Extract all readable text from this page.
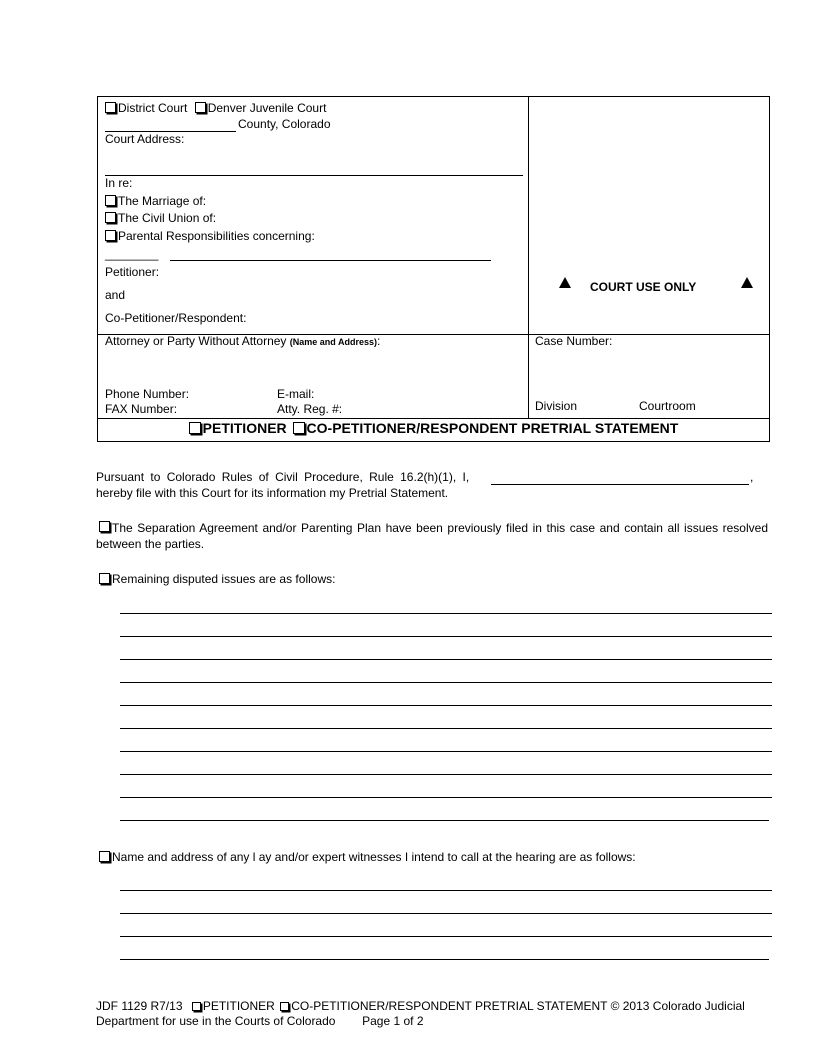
District Court Denver Juvenile Court
County, Colorado
Court Address:
In re:
The Marriage of:
The Civil Union of:
Parental Responsibilities concerning:
________
Petitioner:
and
Co-Petitioner/Respondent:
COURT USE ONLY
Attorney or Party Without Attorney (Name and Address):
Phone Number:
FAX Number:
E-mail:
Atty. Reg. #:
Case Number:
Division	Courtroom
PETITIONER CO-PETITIONER/RESPONDENT PRETRIAL STATEMENT
Pursuant to Colorado Rules of Civil Procedure, Rule 16.2(h)(1), I,	,
hereby file with this Court for its information my Pretrial Statement.
The Separation Agreement and/or Parenting Plan have been previously filed in this case and contain all issues resolved between the parties.
Remaining disputed issues are as follows:
Name and address of any l ay and/or expert witnesses I intend to call at the hearing are as follows:
JDF 1129 R7/13 PETITIONER CO-PETITIONER/RESPONDENT PRETRIAL STATEMENT © 2013 Colorado Judicial
Department for use in the Courts of Colorado        Page 1 of 2
